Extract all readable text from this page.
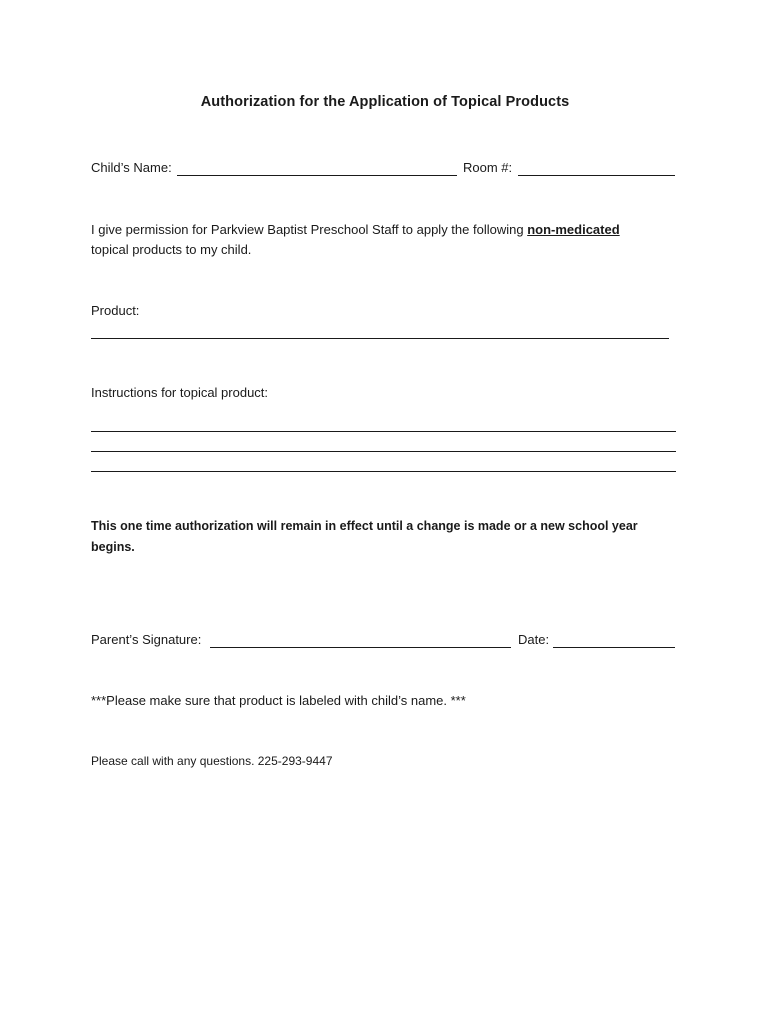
Authorization for the Application of Topical Products
Child’s Name:	Room #:
I give permission for Parkview Baptist Preschool Staff to apply the following non-medicated
topical products to my child.
Product:
Instructions for topical product:
This one time authorization will remain in effect until a change is made or a new school year
begins.
Parent’s Signature:	Date:
***Please make sure that product is labeled with child’s name. ***
Please call with any questions. 225-293-9447
